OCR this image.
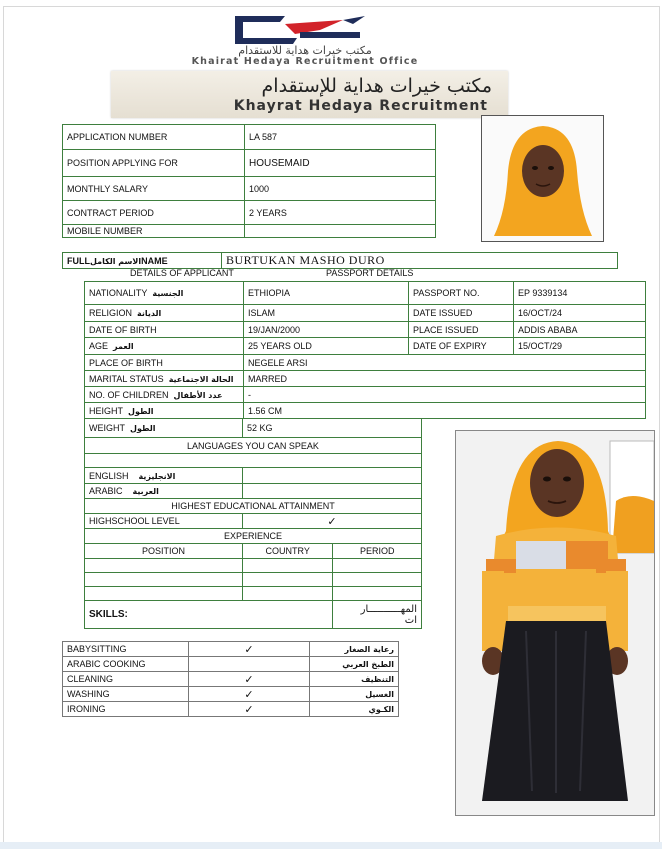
مكتب خيرات هداية للاستقدام
Khairat Hedaya Recruitment Office
مكتب خيرات هداية للإستقدام
Khayrat Hedaya Recruitment
APPLICATION NUMBER	LA 587
POSITION APPLYING FOR	HOUSEMAID
MONTHLY SALARY	1000
CONTRACT PERIOD	2 YEARS
MOBILE NUMBER	
FULLالاسم الكاملNAME	BURTUKAN MASHO DURO
DETAILS OF APPLICANT	PASSPORT DETAILS
NATIONALITY الجنسية	ETHIOPIA	PASSPORT NO.	EP 9339134
RELIGION الديانة	ISLAM	DATE ISSUED	16/OCT/24
DATE OF BIRTH	19/JAN/2000	PLACE ISSUED	ADDIS ABABA
AGE العمر	25 YEARS OLD	DATE OF EXPIRY	15/OCT/29
PLACE OF BIRTH	NEGELE ARSI		
MARITAL STATUS الحالة الاجتماعية	MARRED		
NO. OF CHILDREN عدد الأطفال	-		
HEIGHT الطول	1.56 CM		
WEIGHT الطول	52 KG	
LANGUAGES YOU CAN SPEAK		

ENGLISH الانجليزية		
ARABIC العربية		
HIGHEST EDUCATIONAL ATTAINMENT		
HIGHSCHOOL LEVEL	✓	
EXPERIENCE		
POSITION	COUNTRY	PERIOD

SKILLS:		المهـــــــــــار
ات
BABYSITTING	✓	رعاية الصغار
ARABIC COOKING		الطبخ العربي
CLEANING	✓	التنظيف
WASHING	✓	الغسيل
IRONING	✓	الكـوي
